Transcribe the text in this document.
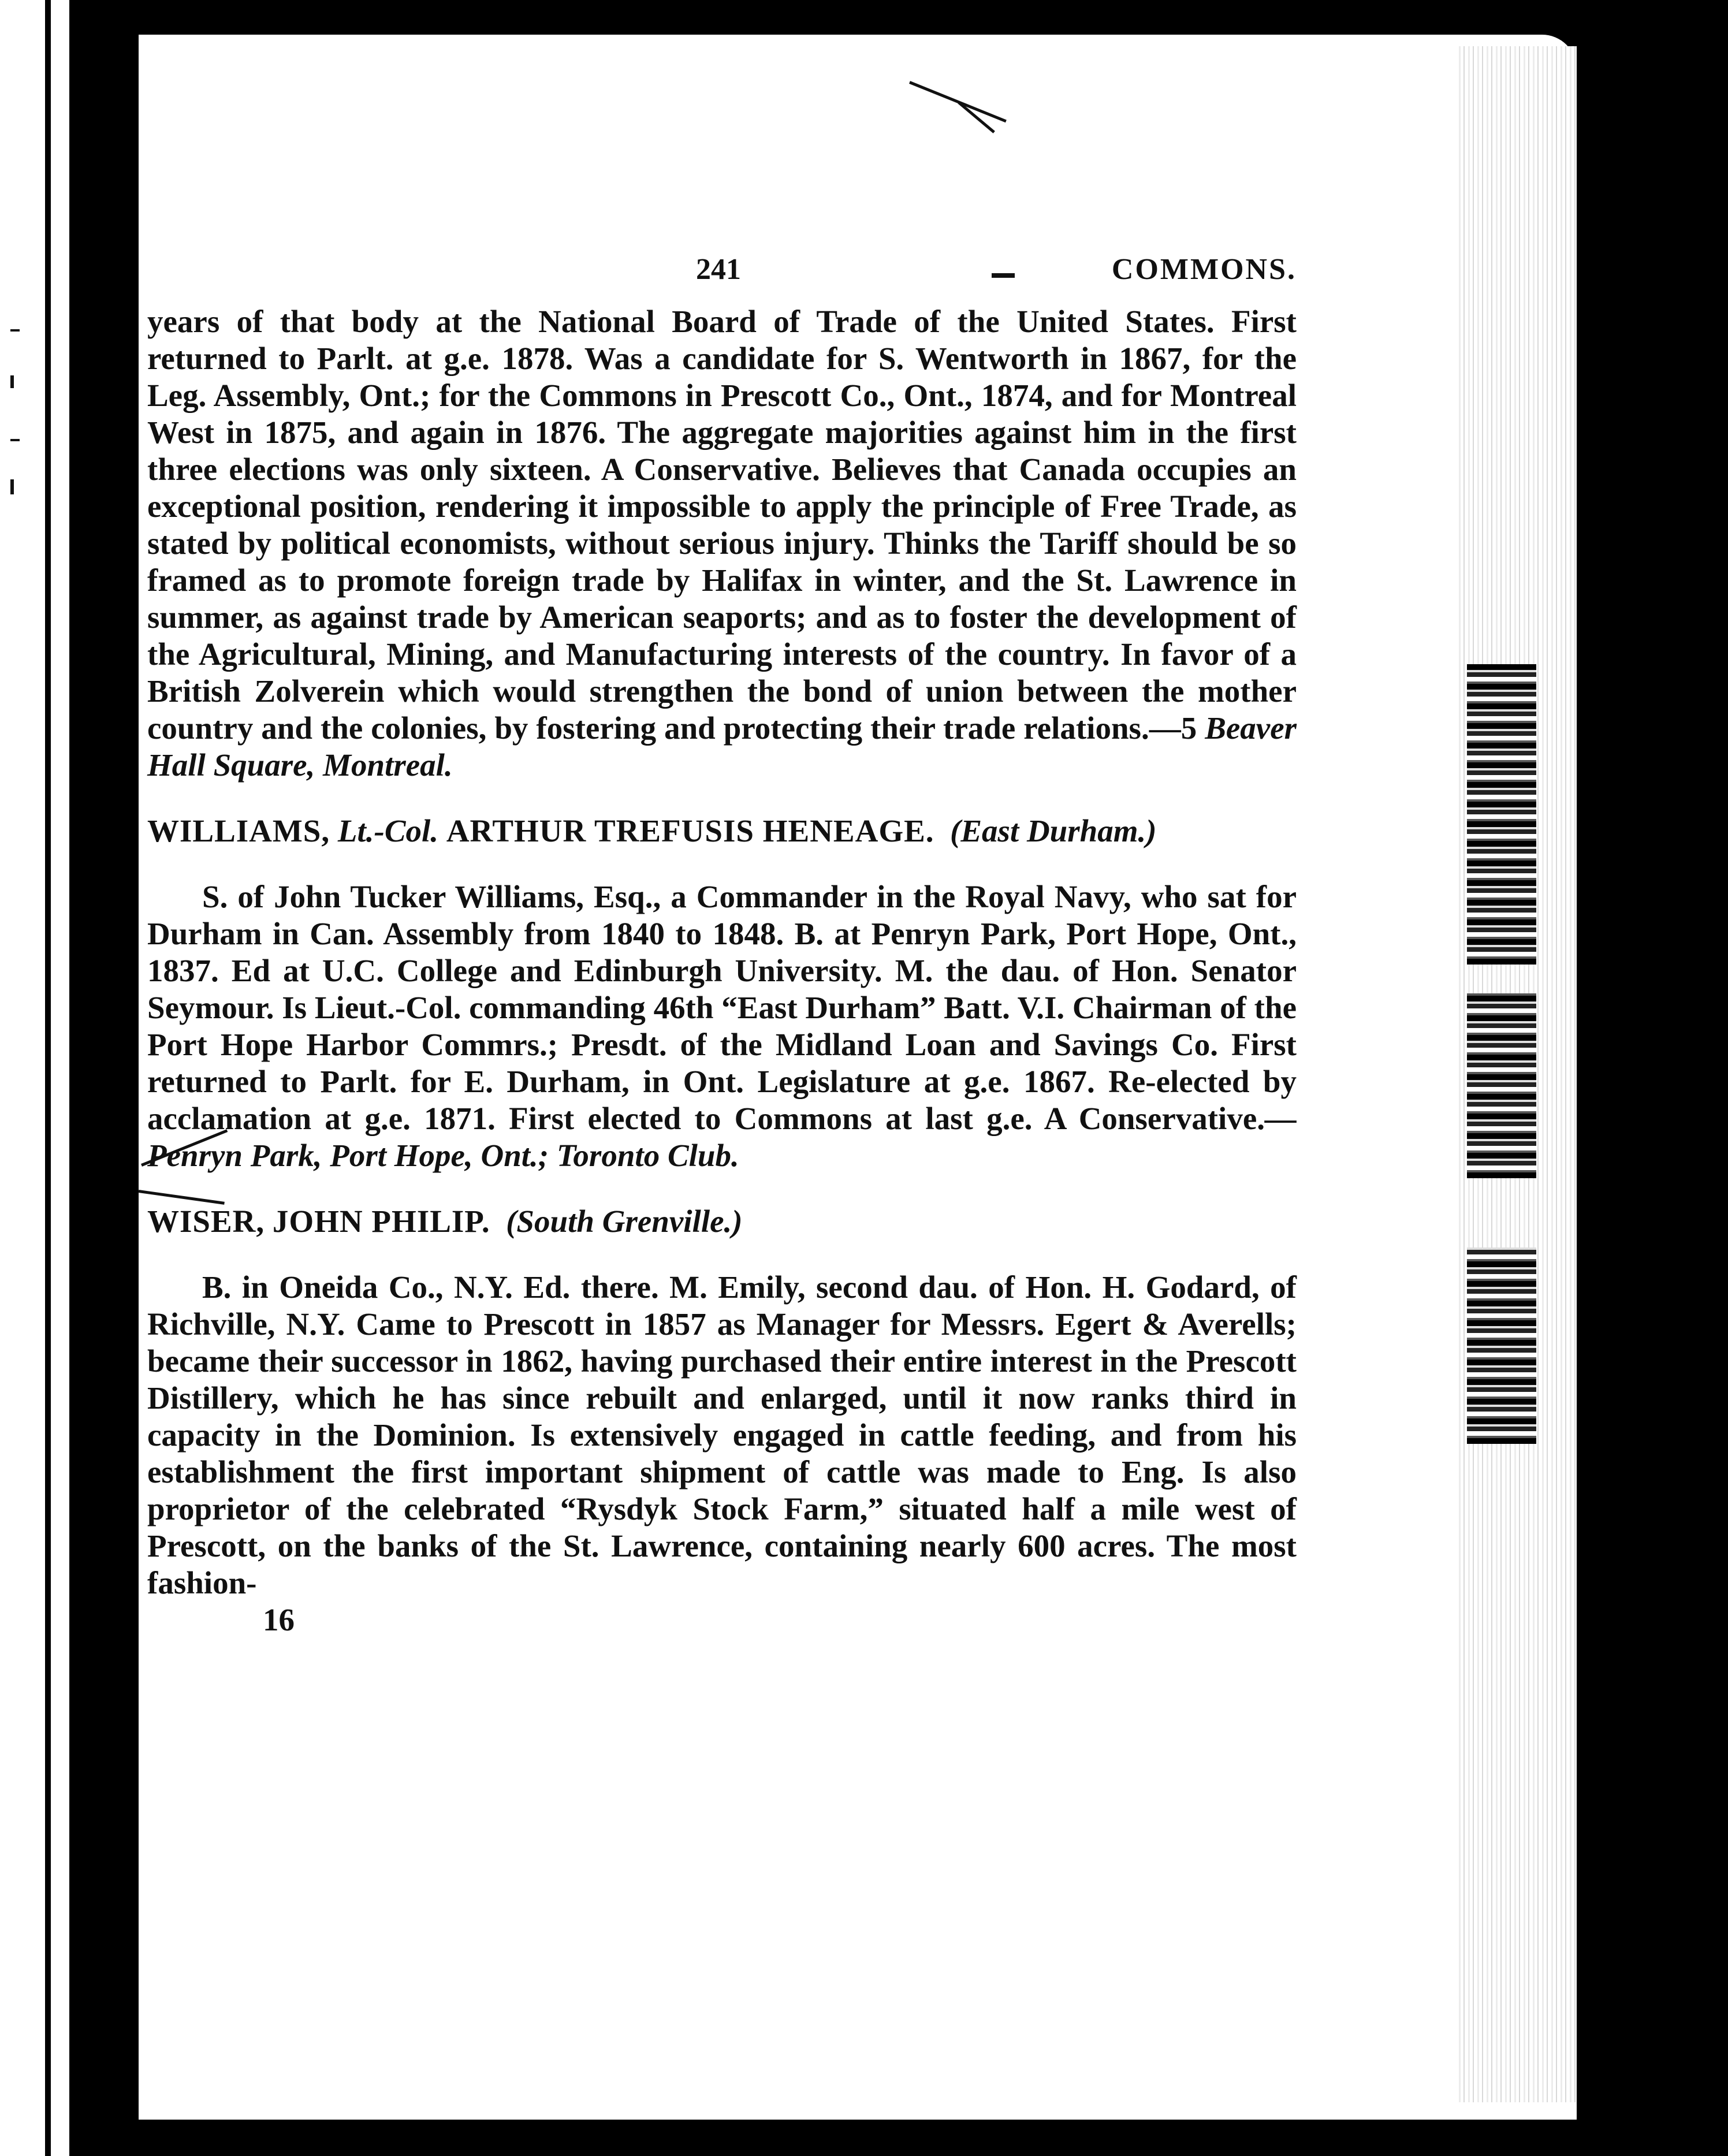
241	COMMONS.

years of that body at the National Board of Trade of the United States. First returned to Parlt. at g.e. 1878. Was a candidate for S. Wentworth in 1867, for the Leg. Assembly, Ont.; for the Commons in Prescott Co., Ont., 1874, and for Montreal West in 1875, and again in 1876. The aggregate majorities against him in the first three elections was only sixteen. A Conservative. Believes that Canada occupies an exceptional position, rendering it impossible to apply the principle of Free Trade, as stated by political economists, without serious injury. Thinks the Tariff should be so framed as to promote foreign trade by Halifax in winter, and the St. Lawrence in summer, as against trade by American seaports; and as to foster the development of the Agricultural, Mining, and Manufacturing interests of the country. In favor of a British Zolverein which would strengthen the bond of union between the mother country and the colonies, by fostering and protecting their trade relations.—5 Beaver Hall Square, Montreal.

WILLIAMS, Lt.-Col. ARTHUR TREFUSIS HENEAGE. (East Durham.)

S. of John Tucker Williams, Esq., a Commander in the Royal Navy, who sat for Durham in Can. Assembly from 1840 to 1848. B. at Penryn Park, Port Hope, Ont., 1837. Ed at U.C. College and Edinburgh University. M. the dau. of Hon. Senator Seymour. Is Lieut.-Col. commanding 46th “East Durham” Batt. V.I. Chairman of the Port Hope Harbor Commrs.; Presdt. of the Midland Loan and Savings Co. First returned to Parlt. for E. Durham, in Ont. Legislature at g.e. 1867. Re-elected by acclamation at g.e. 1871. First elected to Commons at last g.e. A Conservative.—Penryn Park, Port Hope, Ont.; Toronto Club.

WISER, JOHN PHILIP. (South Grenville.)

B. in Oneida Co., N.Y. Ed. there. M. Emily, second dau. of Hon. H. Godard, of Richville, N.Y. Came to Prescott in 1857 as Manager for Messrs. Egert & Averells; became their successor in 1862, having purchased their entire interest in the Prescott Distillery, which he has since rebuilt and enlarged, until it now ranks third in capacity in the Dominion. Is extensively engaged in cattle feeding, and from his establishment the first important shipment of cattle was made to Eng. Is also proprietor of the celebrated “Rysdyk Stock Farm,” situated half a mile west of Prescott, on the banks of the St. Lawrence, containing nearly 600 acres. The most fashion-

16
